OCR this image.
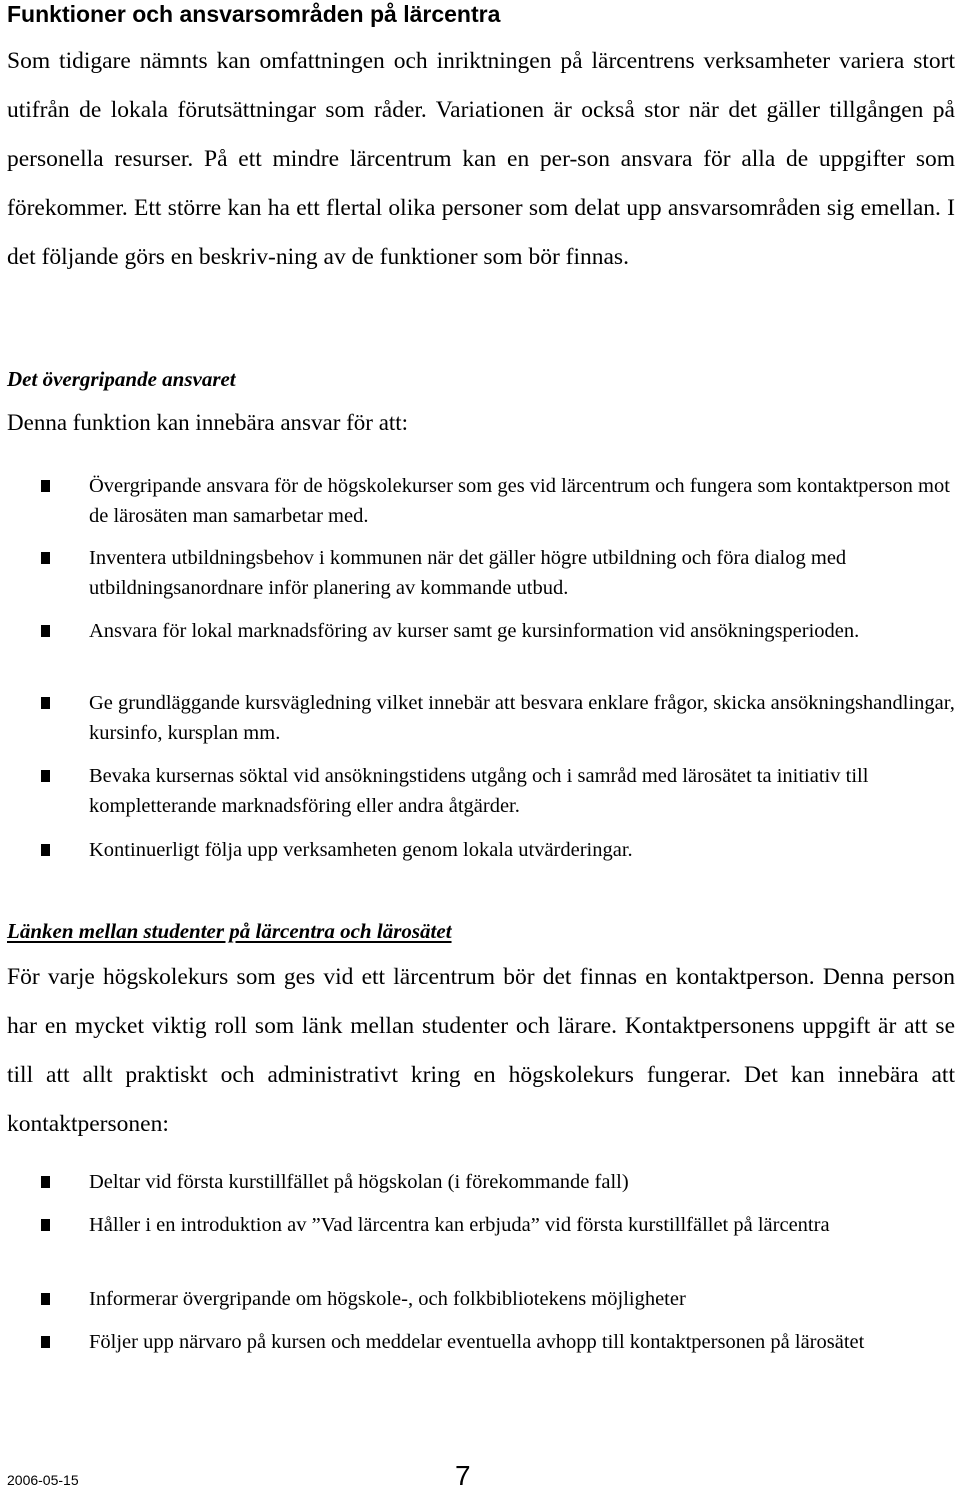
Funktioner och ansvarsområden på lärcentra
Som tidigare nämnts kan omfattningen och inriktningen på lärcentrens verksamheter variera stort utifrån de lokala förutsättningar som råder. Variationen är också stor när det gäller tillgången på personella resurser. På ett mindre lärcentrum kan en per-son ansvara för alla de uppgifter som förekommer. Ett större kan ha ett flertal olika personer som delat upp ansvarsområden sig emellan. I det följande görs en beskriv-ning av de funktioner som bör finnas.
Det övergripande ansvaret
Denna funktion kan innebära ansvar för att:
Övergripande ansvara för de högskolekurser som ges vid lärcentrum och fungera som kontaktperson mot de lärosäten man samarbetar med.
Inventera utbildningsbehov i kommunen när det gäller högre utbildning och föra dialog med utbildningsanordnare inför planering av kommande utbud.
Ansvara för lokal marknadsföring av kurser samt ge kursinformation vid ansökningsperioden.
Ge grundläggande kursvägledning vilket innebär att besvara enklare frågor, skicka ansökningshandlingar, kursinfo, kursplan mm.
Bevaka kursernas söktal vid ansökningstidens utgång och i samråd med lärosätet ta initiativ till kompletterande marknadsföring eller andra åtgärder.
Kontinuerligt följa upp verksamheten genom lokala utvärderingar.
Länken mellan studenter på lärcentra och lärosätet
För varje högskolekurs som ges vid ett lärcentrum bör det finnas en kontaktperson. Denna person har en mycket viktig roll som länk mellan studenter och lärare. Kontaktpersonens uppgift är att se till att allt praktiskt och administrativt kring en högskolekurs fungerar. Det kan innebära att kontaktpersonen:
Deltar vid första kurstillfället på högskolan (i förekommande fall)
Håller i en introduktion av ”Vad lärcentra kan erbjuda” vid första kurstillfället på lärcentra
Informerar övergripande om högskole-, och folkbibliotekens möjligheter
Följer upp närvaro på kursen och meddelar eventuella avhopp till kontaktpersonen på lärosätet
2006-05-15	7
